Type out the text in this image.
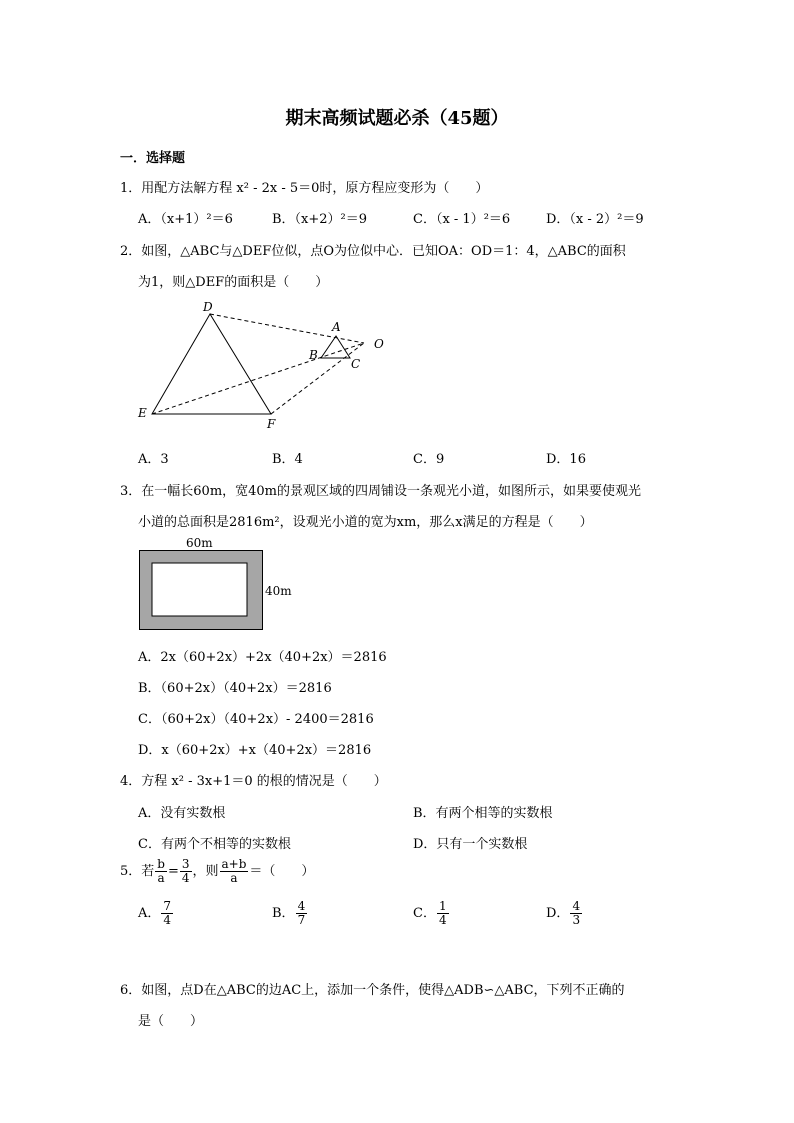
期末高频试题必杀（45题）
一．选择题
1．用配方法解方程 x² - 2x - 5＝0时，原方程应变形为（　　）
A．（x+1）²＝6	B．（x+2）²＝9	C．（x - 1）²＝6	D．（x - 2）²＝9
2．如图，△ABC与△DEF位似，点O为位似中心．已知OA：OD＝1：4，△ABC的面积
为1，则△DEF的面积是（　　）
D
A
O
B
C
E
F
A．3	B．4	C．9	D．16
3．在一幅长60m，宽40m的景观区域的四周铺设一条观光小道，如图所示，如果要使观光
小道的总面积是2816m²，设观光小道的宽为xm，那么x满足的方程是（　　）
60m
40m
A．2x（60+2x）+2x（40+2x）＝2816
B．（60+2x）（40+2x）＝2816
C．（60+2x）（40+2x）- 2400＝2816
D．x（60+2x）+x（40+2x）＝2816
4．方程 x² - 3x+1＝0 的根的情况是（　　）
A．没有实数根	B．有两个相等的实数根
C．有两个不相等的实数根	D．只有一个实数根
5．若 $\frac{b}{a} = \frac{3}{4}$ ，则 $\frac{a+b}{a}$ ＝（　　）
A． $\frac{7}{4}$	B． $\frac{4}{7}$	C． $\frac{1}{4}$	D． $\frac{4}{3}$
6．如图，点D在△ABC的边AC上，添加一个条件，使得△ADB∽△ABC，下列不正确的
是（　　）
